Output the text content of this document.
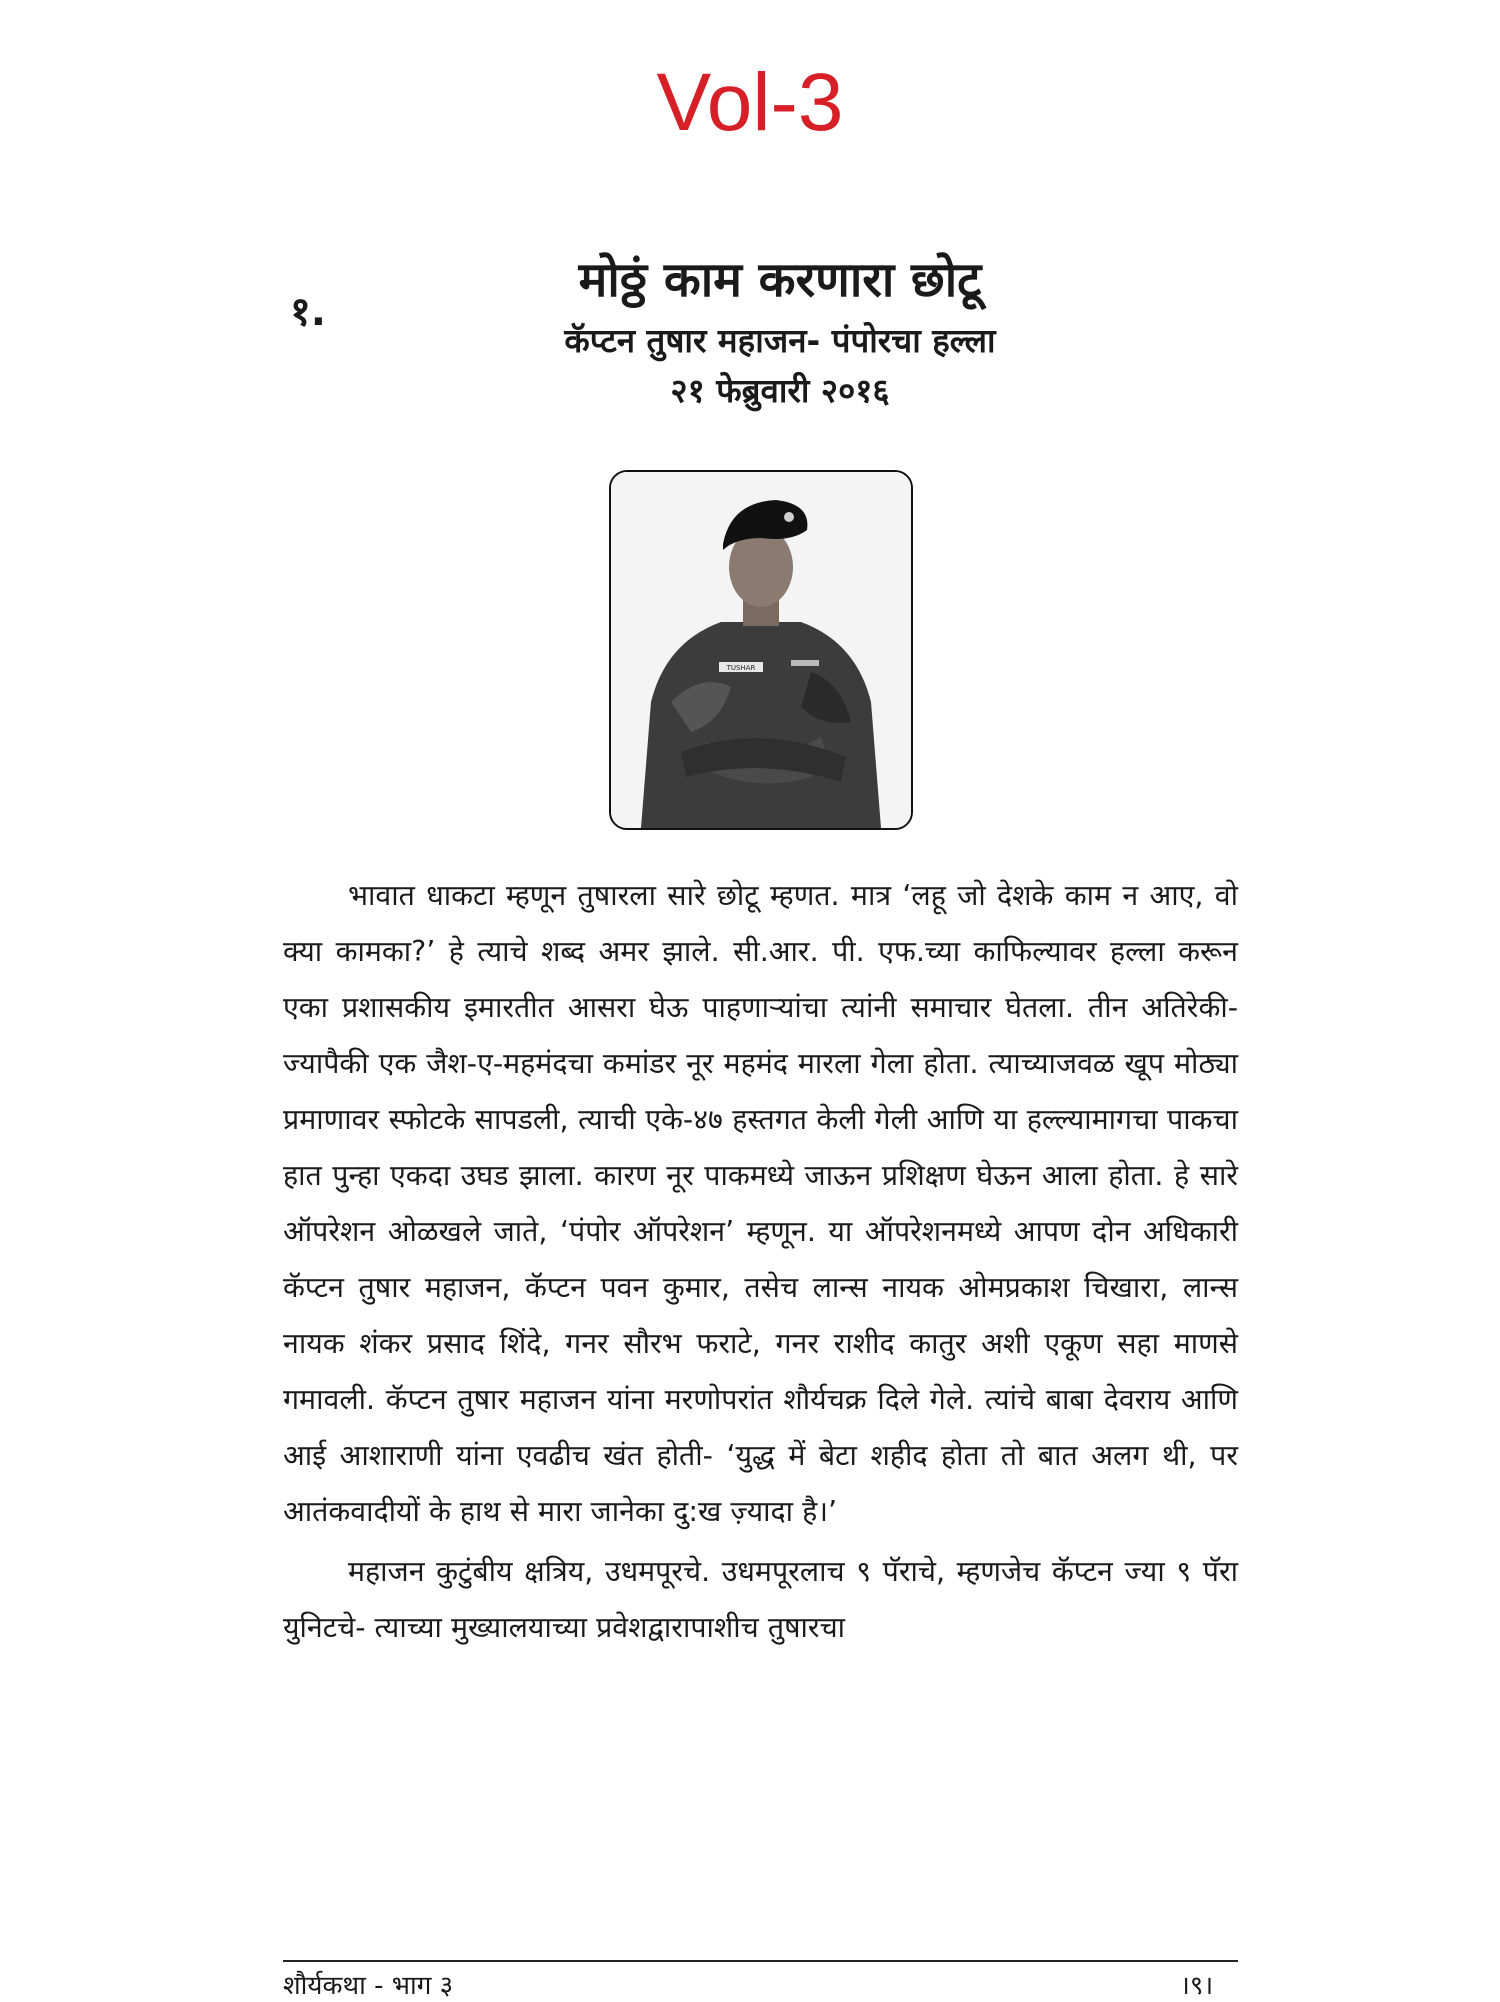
Vol-3
१.
मोठ्ठं काम करणारा छोटू
कॅप्टन तुषार महाजन- पंपोरचा हल्ला
२१ फेब्रुवारी २०१६
TUSHAR

भावात धाकटा म्हणून तुषारला सारे छोटू म्हणत. मात्र ‘लहू जो देशके काम न आए, वो क्या कामका?’ हे त्याचे शब्द अमर झाले. सी.आर. पी. एफ.च्या काफिल्यावर हल्ला करून एका प्रशासकीय इमारतीत आसरा घेऊ पाहणाऱ्यांचा त्यांनी समाचार घेतला. तीन अतिरेकी- ज्यापैकी एक जैश-ए-महमंदचा कमांडर नूर महमंद मारला गेला होता. त्याच्याजवळ खूप मोठ्या प्रमाणावर स्फोटके सापडली, त्याची एके-४७ हस्तगत केली गेली आणि या हल्ल्यामागचा पाकचा हात पुन्हा एकदा उघड झाला. कारण नूर पाकमध्ये जाऊन प्रशिक्षण घेऊन आला होता. हे सारे ऑपरेशन ओळखले जाते, ‘पंपोर ऑपरेशन’ म्हणून. या ऑपरेशनमध्ये आपण दोन अधिकारी कॅप्टन तुषार महाजन, कॅप्टन पवन कुमार, तसेच लान्स नायक ओमप्रकाश चिखारा, लान्स नायक शंकर प्रसाद शिंदे, गनर सौरभ फराटे, गनर राशीद कातुर अशी एकूण सहा माणसे गमावली. कॅप्टन तुषार महाजन यांना मरणोपरांत शौर्यचक्र दिले गेले. त्यांचे बाबा देवराय आणि आई आशाराणी यांना एवढीच खंत होती- ‘युद्ध में बेटा शहीद होता तो बात अलग थी, पर आतंकवादीयों के हाथ से मारा जानेका दु:ख ज़्यादा है।’

महाजन कुटुंबीय क्षत्रिय, उधमपूरचे. उधमपूरलाच ९ पॅराचे, म्हणजेच कॅप्टन ज्या ९ पॅरा युनिटचे- त्याच्या मुख्यालयाच्या प्रवेशद्वारापाशीच तुषारचा

शौर्यकथा - भाग ३	।९।
